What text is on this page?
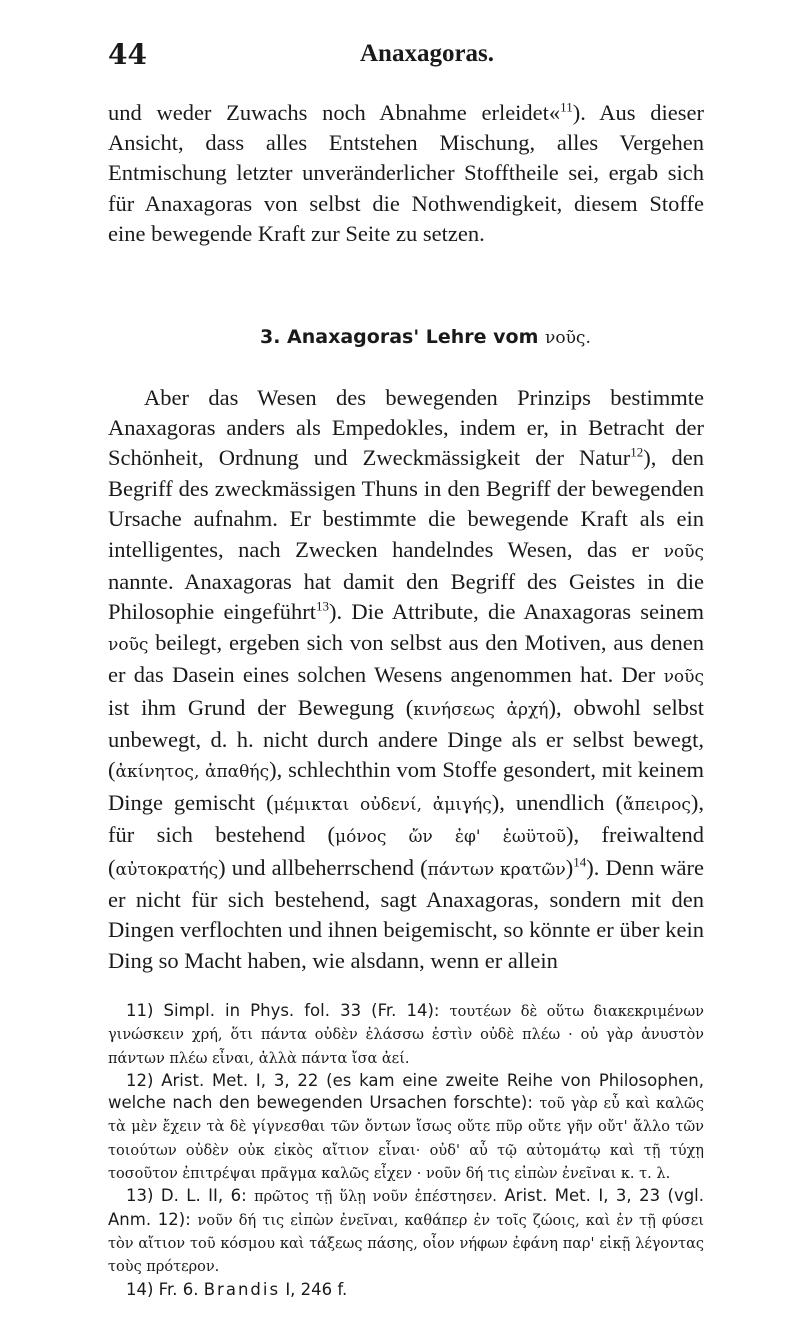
44	Anaxagoras.

und weder Zuwachs noch Abnahme erleidet«$^{11}$). Aus dieser Ansicht, dass alles Entstehen Mischung, alles Vergehen Entmischung letzter unveränderlicher Stofftheile sei, ergab sich für Anaxagoras von selbst die Nothwendigkeit, diesem Stoffe eine bewegende Kraft zur Seite zu setzen.

3. Anaxagoras' Lehre vom νοῦς.

Aber das Wesen des bewegenden Prinzips bestimmte Anaxagoras anders als Empedokles, indem er, in Betracht der Schönheit, Ordnung und Zweckmässigkeit der Natur$^{12}$), den Begriff des zweckmässigen Thuns in den Begriff der bewegenden Ursache aufnahm. Er bestimmte die bewegende Kraft als ein intelligentes, nach Zwecken handelndes Wesen, das er νοῦς nannte. Anaxagoras hat damit den Begriff des Geistes in die Philosophie eingeführt$^{13}$). Die Attribute, die Anaxagoras seinem νοῦς beilegt, ergeben sich von selbst aus den Motiven, aus denen er das Dasein eines solchen Wesens angenommen hat. Der νοῦς ist ihm Grund der Bewegung (κινήσεως ἀρχή), obwohl selbst unbewegt, d. h. nicht durch andere Dinge als er selbst bewegt, (ἀκίνητος, ἀπαθής), schlechthin vom Stoffe gesondert, mit keinem Dinge gemischt (μέμικται οὐδενί, ἀμιγής), unendlich (ἄπειρος), für sich bestehend (μόνος ὤν ἐφ' ἑωϋτοῦ), freiwaltend (αὐτοκρατής) und allbeherrschend (πάντων κρατῶν)$^{14}$). Denn wäre er nicht für sich bestehend, sagt Anaxagoras, sondern mit den Dingen verflochten und ihnen beigemischt, so könnte er über kein Ding so Macht haben, wie alsdann, wenn er allein

11) Simpl. in Phys. fol. 33 (Fr. 14): τουτέων δὲ οὕτω διακεκριμένων γινώσκειν χρή, ὅτι πάντα οὐδὲν ἐλάσσω ἐστὶν οὐδὲ πλέω · οὐ γὰρ ἀνυστὸν πάντων πλέω εἶναι, ἀλλὰ πάντα ἴσα ἀεί.

12) Arist. Met. I, 3, 22 (es kam eine zweite Reihe von Philosophen, welche nach den bewegenden Ursachen forschte): τοῦ γὰρ εὖ καὶ καλῶς τὰ μὲν ἔχειν τὰ δὲ γίγνεσθαι τῶν ὄντων ἴσως οὔτε πῦρ οὔτε γῆν οὔτ' ἄλλο τῶν τοιούτων οὐδὲν οὐκ εἰκὸς αἴτιον εἶναι· οὐδ' αὖ τῷ αὐτομάτῳ καὶ τῇ τύχῃ τοσοῦτον ἐπιτρέψαι πρᾶγμα καλῶς εἶχεν · νοῦν δή τις εἰπὼν ἐνεῖναι κ. τ. λ.

13) D. L. II, 6: πρῶτος τῇ ὕλῃ νοῦν ἐπέστησεν. Arist. Met. I, 3, 23 (vgl. Anm. 12): νοῦν δή τις εἰπὼν ἐνεῖναι, καθάπερ ἐν τοῖς ζώοις, καὶ ἐν τῇ φύσει τὸν αἴτιον τοῦ κόσμου καὶ τάξεως πάσης, οἷον νήφων ἐφάνη παρ' εἰκῇ λέγοντας τοὺς πρότερον.

14) Fr. 6. Brandis I, 246 f.
